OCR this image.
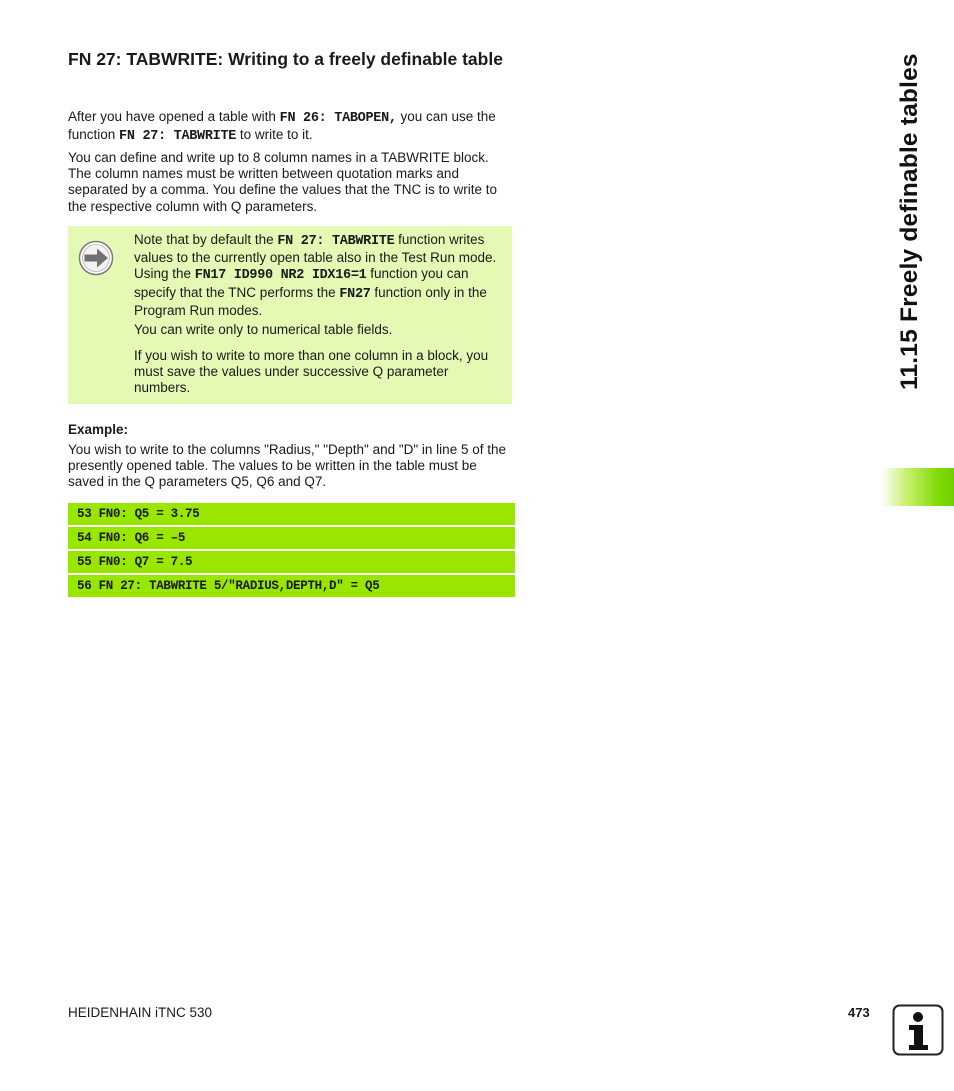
FN 27: TABWRITE: Writing to a freely definable table

After you have opened a table with FN 26: TABOPEN, you can use the function FN 27: TABWRITE to write to it.

You can define and write up to 8 column names in a TABWRITE block. The column names must be written between quotation marks and separated by a comma. You define the values that the TNC is to write to the respective column with Q parameters.

Note that by default the FN 27: TABWRITE function writes values to the currently open table also in the Test Run mode. Using the FN17 ID990 NR2 IDX16=1 function you can specify that the TNC performs the FN27 function only in the Program Run modes.

You can write only to numerical table fields.

If you wish to write to more than one column in a block, you must save the values under successive Q parameter numbers.

Example:

You wish to write to the columns "Radius," "Depth" and "D" in line 5 of the presently opened table. The values to be written in the table must be saved in the Q parameters Q5, Q6 and Q7.

53 FN0: Q5 = 3.75
54 FN0: Q6 = –5
55 FN0: Q7 = 7.5
56 FN 27: TABWRITE 5/"RADIUS,DEPTH,D" = Q5
11.15 Freely definable tables

HEIDENHAIN iTNC 530	473
